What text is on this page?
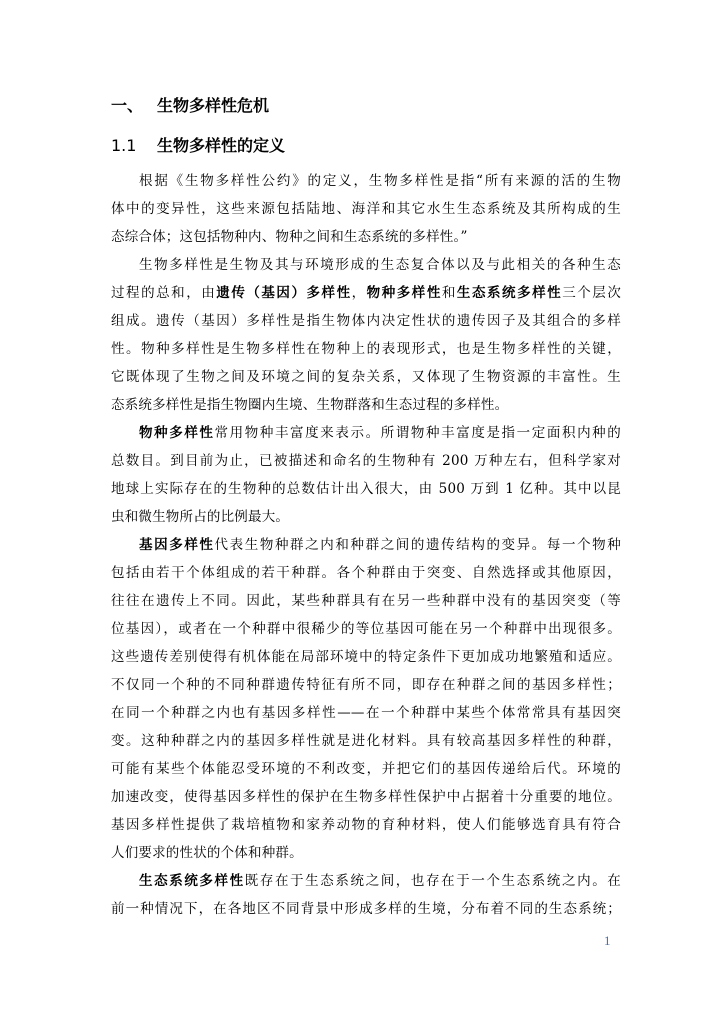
一、 生物多样性危机
1.1 生物多样性的定义
根据《生物多样性公约》的定义，生物多样性是指“所有来源的活的生物
体中的变异性，这些来源包括陆地、海洋和其它水生生态系统及其所构成的生
态综合体；这包括物种内、物种之间和生态系统的多样性。”
生物多样性是生物及其与环境形成的生态复合体以及与此相关的各种生态
过程的总和，由遗传（基因）多样性，物种多样性和生态系统多样性三个层次
组成。遗传（基因）多样性是指生物体内决定性状的遗传因子及其组合的多样
性。物种多样性是生物多样性在物种上的表现形式，也是生物多样性的关键，
它既体现了生物之间及环境之间的复杂关系，又体现了生物资源的丰富性。生
态系统多样性是指生物圈内生境、生物群落和生态过程的多样性。
物种多样性常用物种丰富度来表示。所谓物种丰富度是指一定面积内种的
总数目。到目前为止，已被描述和命名的生物种有 200 万种左右，但科学家对
地球上实际存在的生物种的总数估计出入很大，由 500 万到 1 亿种。其中以昆
虫和微生物所占的比例最大。
基因多样性代表生物种群之内和种群之间的遗传结构的变异。每一个物种
包括由若干个体组成的若干种群。各个种群由于突变、自然选择或其他原因，
往往在遗传上不同。因此，某些种群具有在另一些种群中没有的基因突变（等
位基因），或者在一个种群中很稀少的等位基因可能在另一个种群中出现很多。
这些遗传差别使得有机体能在局部环境中的特定条件下更加成功地繁殖和适应。
不仅同一个种的不同种群遗传特征有所不同，即存在种群之间的基因多样性；
在同一个种群之内也有基因多样性——在一个种群中某些个体常常具有基因突
变。这种种群之内的基因多样性就是进化材料。具有较高基因多样性的种群，
可能有某些个体能忍受环境的不利改变，并把它们的基因传递给后代。环境的
加速改变，使得基因多样性的保护在生物多样性保护中占据着十分重要的地位。
基因多样性提供了栽培植物和家养动物的育种材料，使人们能够选育具有符合
人们要求的性状的个体和种群。
生态系统多样性既存在于生态系统之间，也存在于一个生态系统之内。在
前一种情况下，在各地区不同背景中形成多样的生境，分布着不同的生态系统；
1
